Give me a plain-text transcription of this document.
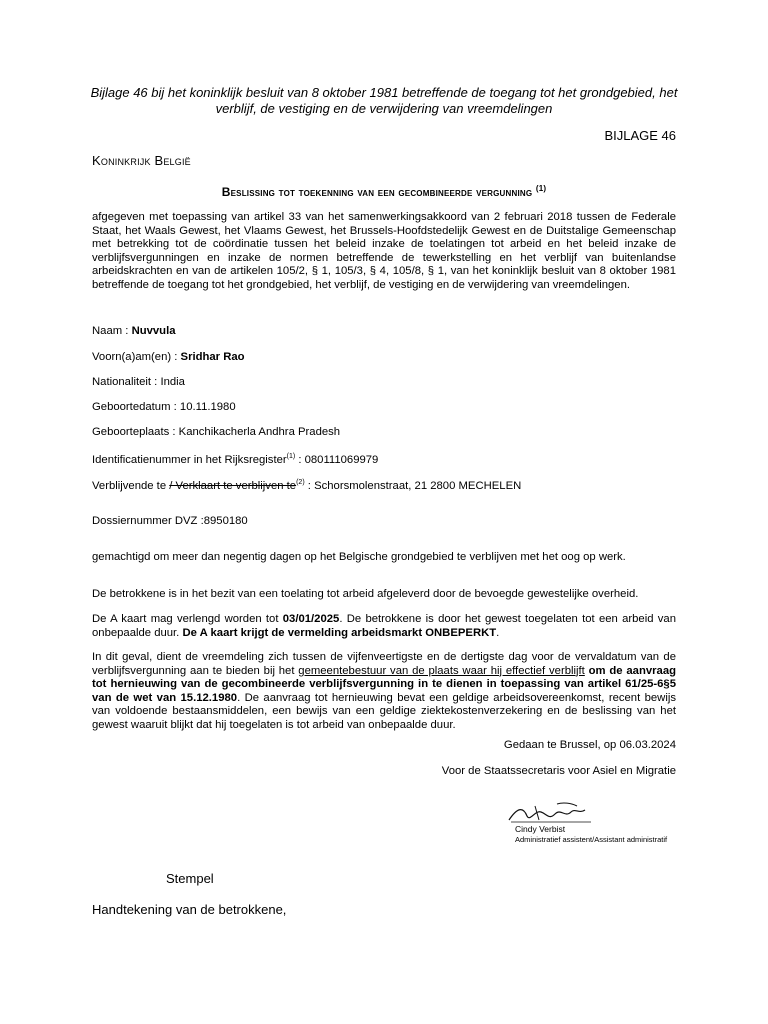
Bijlage 46 bij het koninklijk besluit van 8 oktober 1981 betreffende de toegang tot het grondgebied, het verblijf, de vestiging en de verwijdering van vreemdelingen
BIJLAGE 46
Koninkrijk België
Beslissing tot toekenning van een gecombineerde vergunning $^{(1)}$
afgegeven met toepassing van artikel 33 van het samenwerkingsakkoord van 2 februari 2018 tussen de Federale Staat, het Waals Gewest, het Vlaams Gewest, het Brussels-Hoofdstedelijk Gewest en de Duitstalige Gemeenschap met betrekking tot de coördinatie tussen het beleid inzake de toelatingen tot arbeid en het beleid inzake de verblijfsvergunningen en inzake de normen betreffende de tewerkstelling en het verblijf van buitenlandse arbeidskrachten en van de artikelen 105/2, § 1, 105/3, § 4, 105/8, § 1, van het koninklijk besluit van 8 oktober 1981 betreffende de toegang tot het grondgebied, het verblijf, de vestiging en de verwijdering van vreemdelingen.
Naam : Nuvvula
Voorn(a)am(en) : Sridhar Rao
Nationaliteit : India
Geboortedatum : 10.11.1980
Geboorteplaats : Kanchikacherla Andhra Pradesh
Identificatienummer in het Rijksregister$^{(1)}$ : 080111069979
Verblijvende te / Verklaart te verblijven $te^{(2)}$ : Schorsmolenstraat, 21 2800 MECHELEN
Dossiernummer DVZ :8950180
gemachtigd om meer dan negentig dagen op het Belgische grondgebied te verblijven met het oog op werk.
De betrokkene is in het bezit van een toelating tot arbeid afgeleverd door de bevoegde gewestelijke overheid.
De A kaart mag verlengd worden tot 03/01/2025. De betrokkene is door het gewest toegelaten tot een arbeid van onbepaalde duur. De A kaart krijgt de vermelding arbeidsmarkt ONBEPERKT.
In dit geval, dient de vreemdeling zich tussen de vijfenveertigste en de dertigste dag voor de vervaldatum van de verblijfsvergunning aan te bieden bij het gemeentebestuur van de plaats waar hij effectief verblijft om de aanvraag tot hernieuwing van de gecombineerde verblijfsvergunning in te dienen in toepassing van artikel 61/25-6§5 van de wet van 15.12.1980. De aanvraag tot hernieuwing bevat een geldige arbeidsovereenkomst, recent bewijs van voldoende bestaansmiddelen, een bewijs van een geldige ziektekostenverzekering en de beslissing van het gewest waaruit blijkt dat hij toegelaten is tot arbeid van onbepaalde duur.
Gedaan te Brussel, op 06.03.2024
Voor de Staatssecretaris voor Asiel en Migratie
Cindy Verbist
Administratief assistent/Assistant administratif
Stempel
Handtekening van de betrokkene,
